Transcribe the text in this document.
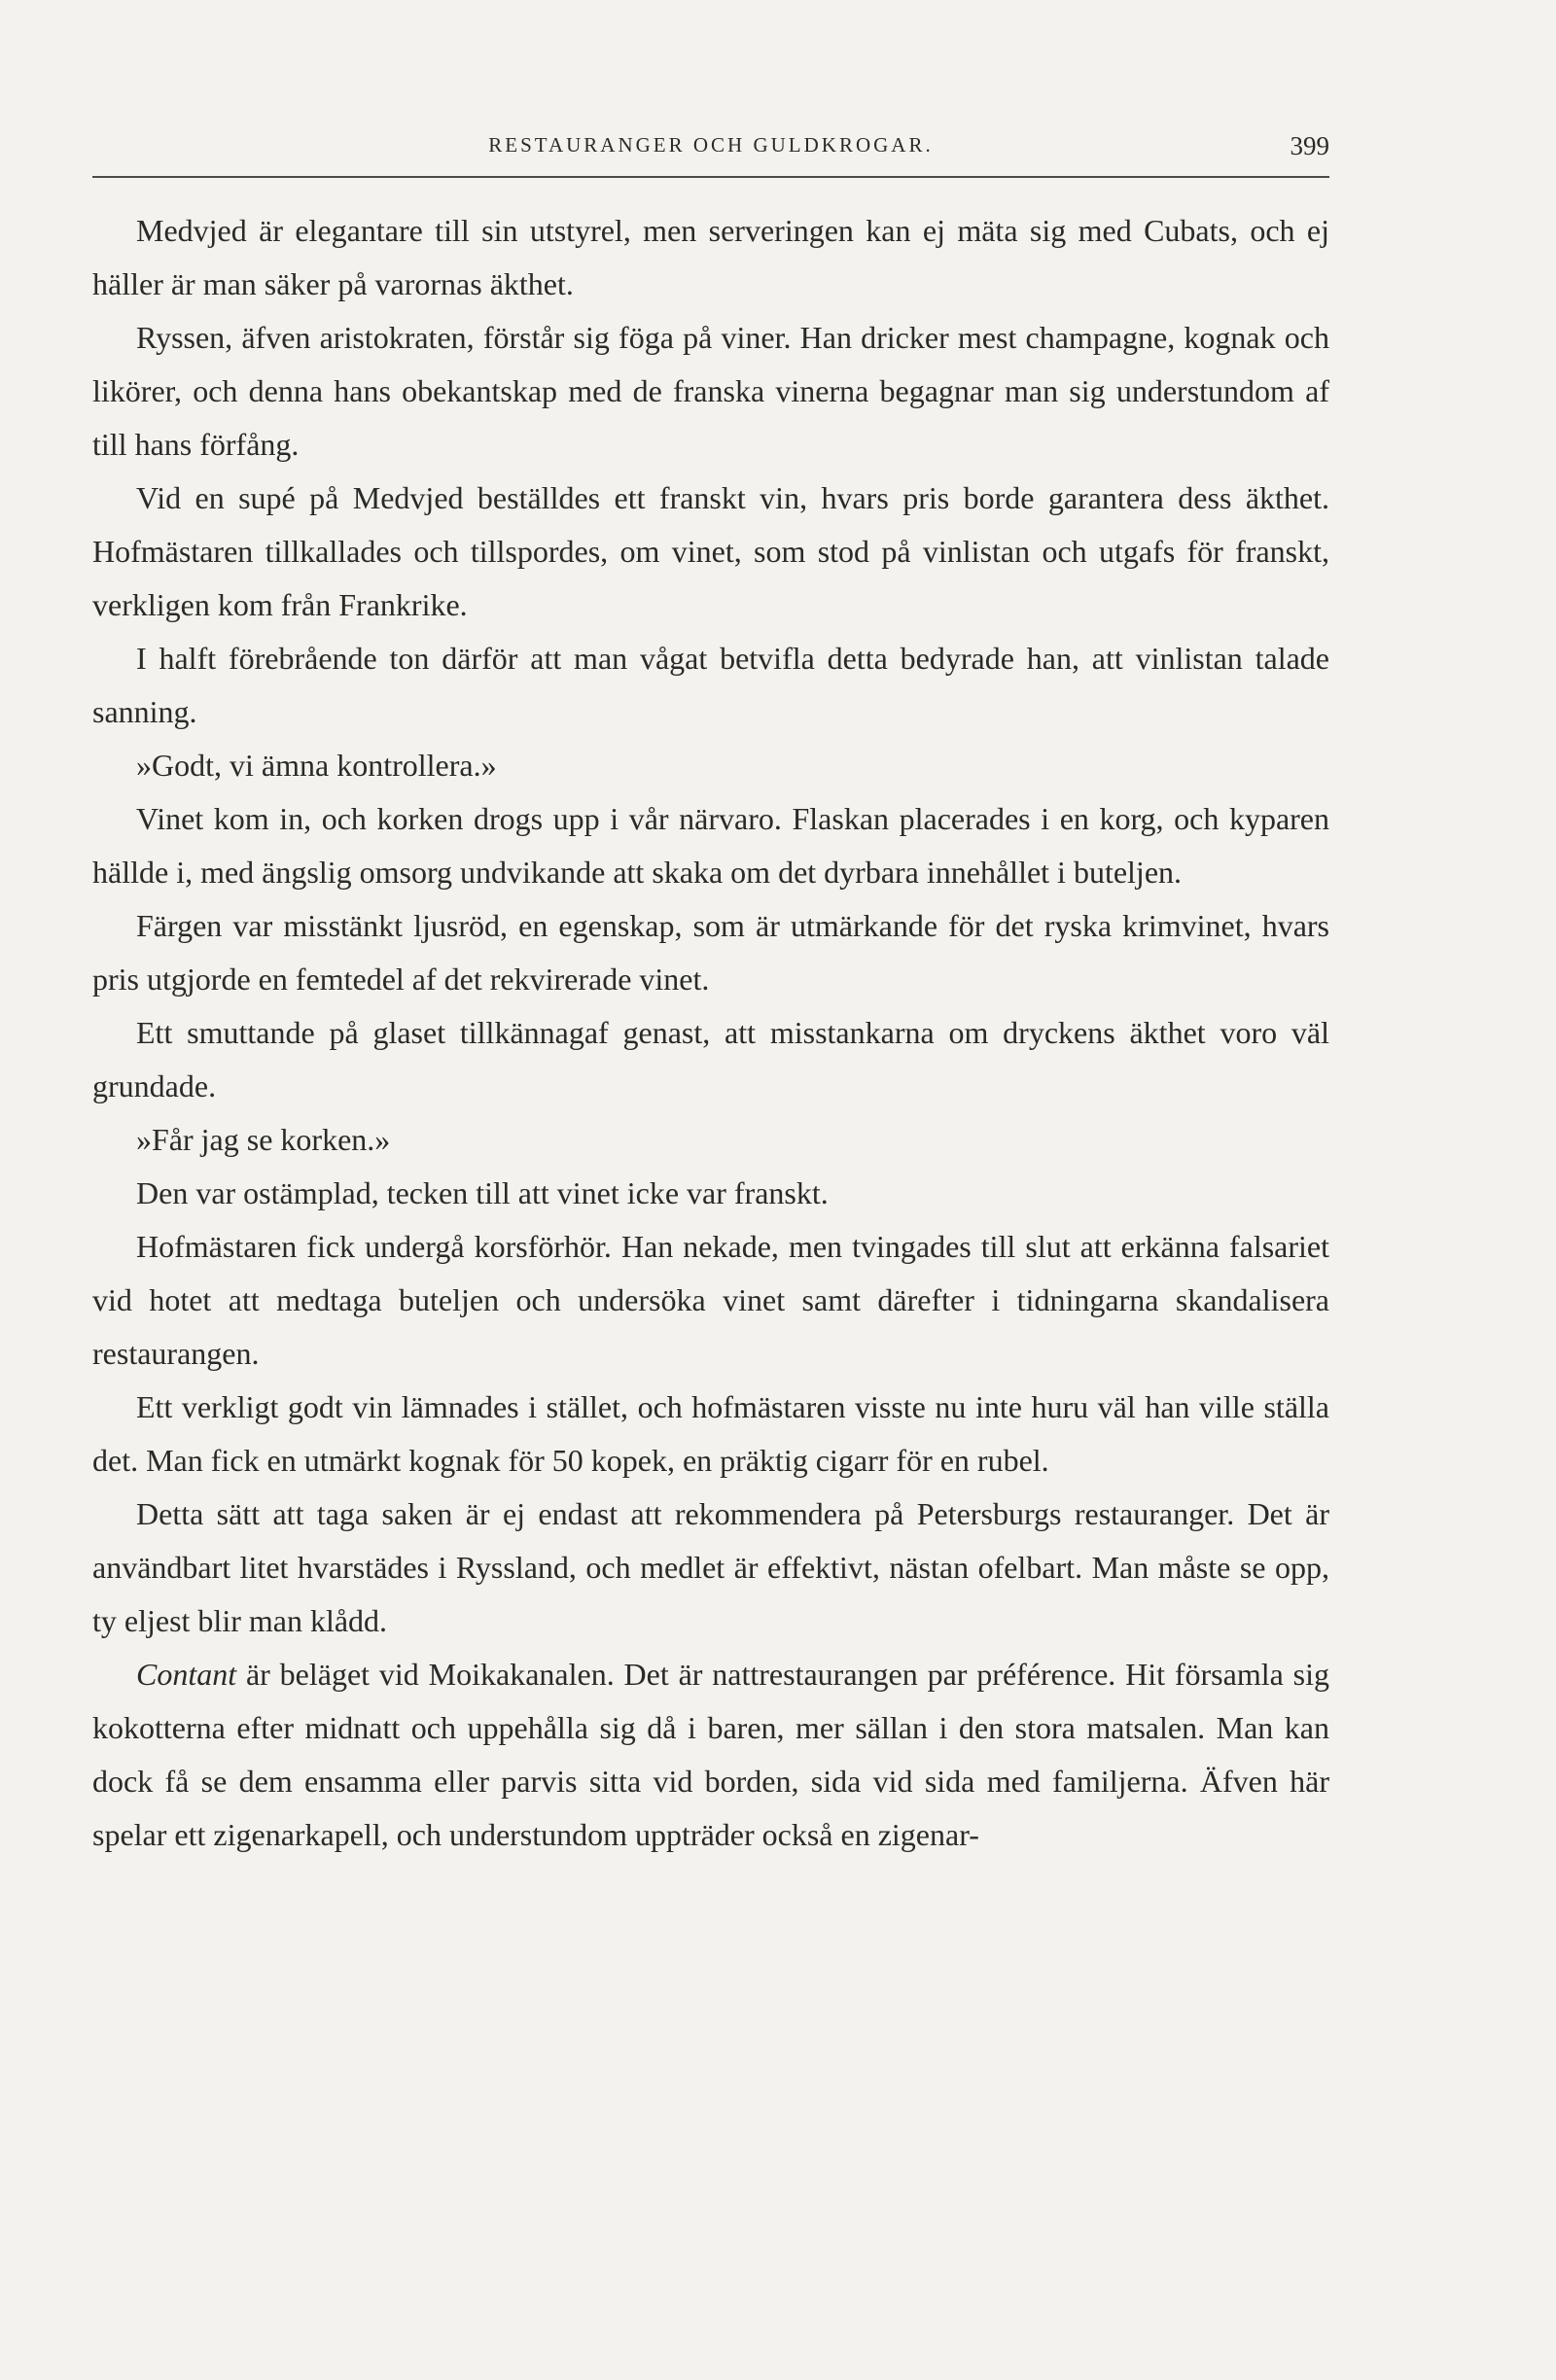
RESTAURANGER OCH GULDKROGAR.	399

Medvjed är elegantare till sin utstyrel, men serveringen kan ej mäta sig med Cubats, och ej häller är man säker på varornas äkthet.

Ryssen, äfven aristokraten, förstår sig föga på viner. Han dricker mest champagne, kognak och likörer, och denna hans obekantskap med de franska vinerna begagnar man sig understundom af till hans förfång.

Vid en supé på Medvjed beställdes ett franskt vin, hvars pris borde garantera dess äkthet. Hofmästaren tillkallades och tillspordes, om vinet, som stod på vinlistan och utgafs för franskt, verkligen kom från Frankrike.

I halft förebrående ton därför att man vågat betvifla detta bedyrade han, att vinlistan talade sanning.

»Godt, vi ämna kontrollera.»

Vinet kom in, och korken drogs upp i vår närvaro. Flaskan placerades i en korg, och kyparen hällde i, med ängslig omsorg undvikande att skaka om det dyrbara innehållet i buteljen.

Färgen var misstänkt ljusröd, en egenskap, som är utmärkande för det ryska krimvinet, hvars pris utgjorde en femtedel af det rekvirerade vinet.

Ett smuttande på glaset tillkännagaf genast, att misstankarna om dryckens äkthet voro väl grundade.

»Får jag se korken.»

Den var ostämplad, tecken till att vinet icke var franskt.

Hofmästaren fick undergå korsförhör. Han nekade, men tvingades till slut att erkänna falsariet vid hotet att medtaga buteljen och undersöka vinet samt därefter i tidningarna skandalisera restaurangen.

Ett verkligt godt vin lämnades i stället, och hofmästaren visste nu inte huru väl han ville ställa det. Man fick en utmärkt kognak för 50 kopek, en präktig cigarr för en rubel.

Detta sätt att taga saken är ej endast att rekommendera på Petersburgs restauranger. Det är användbart litet hvarstädes i Ryssland, och medlet är effektivt, nästan ofelbart. Man måste se opp, ty eljest blir man klådd.

Contant är beläget vid Moikakanalen. Det är nattrestaurangen par préférence. Hit församla sig kokotterna efter midnatt och uppehålla sig då i baren, mer sällan i den stora matsalen. Man kan dock få se dem ensamma eller parvis sitta vid borden, sida vid sida med familjerna. Äfven här spelar ett zigenarkapell, och understundom uppträder också en zigenar-
